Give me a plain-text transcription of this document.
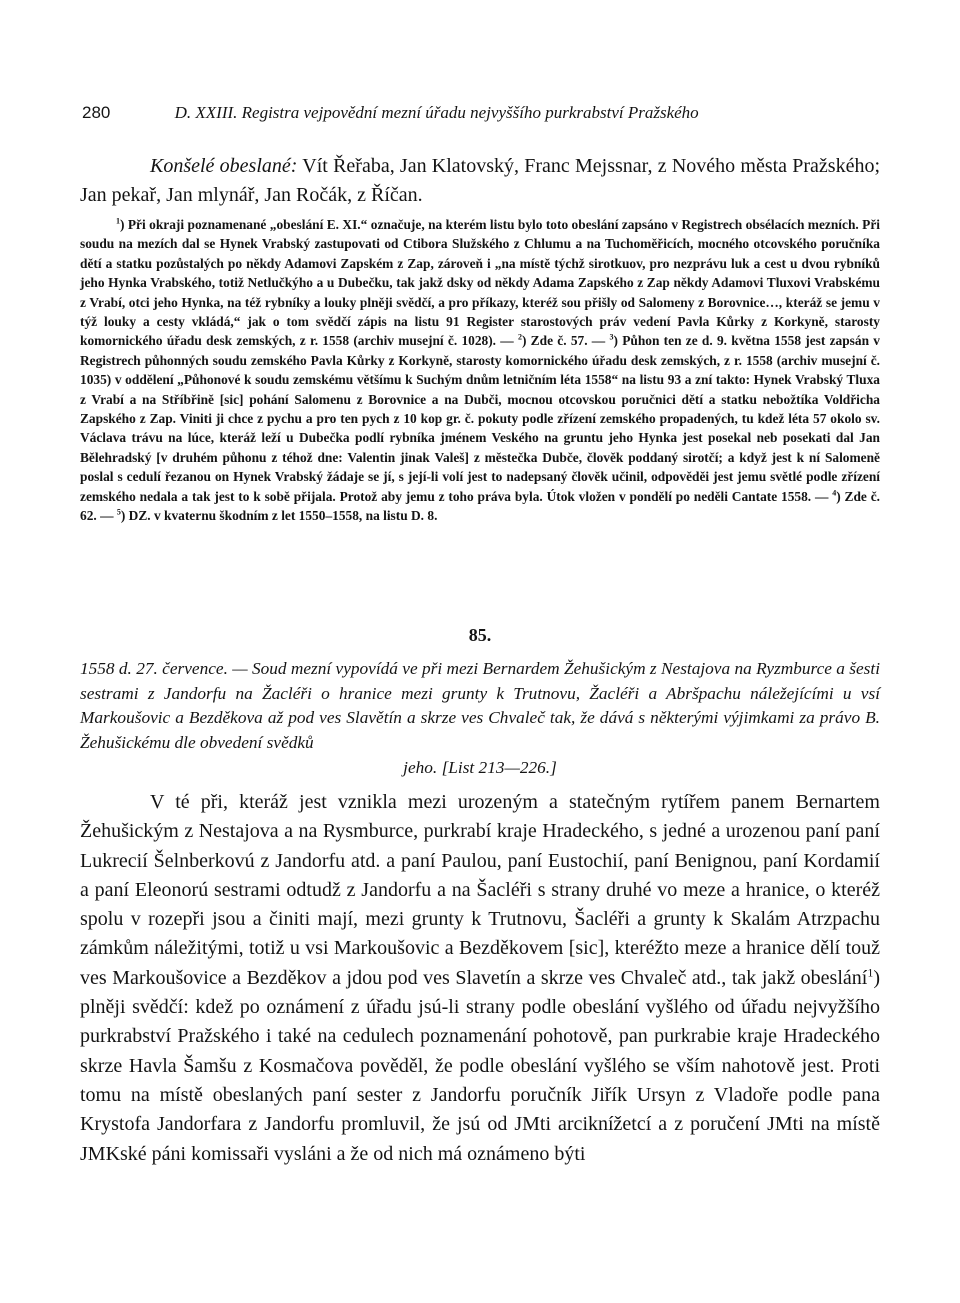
280	D. XXIII. Registra vejpovědní mezní úřadu nejvyššího purkrabství Pražského
Konšelé obeslané: Vít Řeřaba, Jan Klatovský, Franc Mejssnar, z Nového města Pražského; Jan pekař, Jan mlynář, Jan Ročák, z Říčan.

$^1$) Při okraji poznamenané „obeslání E. XI.“ označuje, na kterém listu bylo toto obeslání zapsáno v Registrech obsélacích mezních. Při soudu na mezích dal se Hynek Vrabský zastupovati od Ctibora Služského z Chlumu a na Tuchoměřicích, mocného otcovského poručníka dětí a statku pozůstalých po někdy Adamovi Zapském z Zap, zároveň i „na místě týchž sirotkuov, pro nezprávu luk a cest u dvou rybníků jeho Hynka Vrabského, totiž Netlučkýho a u Dubečku, tak jakž dsky od někdy Adama Zapského z Zap někdy Adamovi Tluxovi Vrabskému z Vrabí, otci jeho Hynka, na též rybníky a louky plněji svědčí, a pro příkazy, kteréž sou přišly od Salomeny z Borovnice…, kteráž se jemu v týž louky a cesty vkládá,“ jak o tom svědčí zápis na listu 91 Register starostových práv vedení Pavla Kůrky z Korkyně, starosty komornického úřadu desk zemských, z r. 1558 (archiv musejní č. 1028). — $^2$) Zde č. 57. — $^3$) Půhon ten ze d. 9. května 1558 jest zapsán v Registrech půhonných soudu zemského Pavla Kůrky z Korkyně, starosty komornického úřadu desk zemských, z r. 1558 (archiv musejní č. 1035) v oddělení „Půhonové k soudu zemskému většímu k Suchým dnům letničním léta 1558“ na listu 93 a zní takto: Hynek Vrabský Tluxa z Vrabí a na Stříbřině [sic] pohání Salomenu z Borovnice a na Dubči, mocnou otcovskou poručnici dětí a statku nebožtíka Voldřicha Zapského z Zap. Viniti ji chce z pychu a pro ten pych z 10 kop gr. č. pokuty podle zřízení zemského propadených, tu kdež léta 57 okolo sv. Václava trávu na lúce, kteráž leží u Dubečka podlí rybníka jménem Veského na gruntu jeho Hynka jest posekal neb posekati dal Jan Bělehradský [v druhém půhonu z téhož dne: Valentin jinak Valeš] z městečka Dubče, člověk poddaný sirotčí; a když jest k ní Salomeně poslal s cedulí řezanou on Hynek Vrabský žádaje se jí, s její-li volí jest to nadepsaný člověk učinil, odpověděi jest jemu světlé podle zřízení zemského nedala a tak jest to k sobě přijala. Protož aby jemu z toho práva byla. Útok vložen v pondělí po neděli Cantate 1558. — $^4$) Zde č. 62. — $^5$) DZ. v kvaternu škodním z let 1550–1558, na listu D. 8.

85.

1558 d. 27. července. — Soud mezní vypovídá ve při mezi Bernardem Žehušickým z Nestajova na Ryzmburce a šesti sestrami z Jandorfu na Žacléři o hranice mezi grunty k Trutnovu, Žacléři a Abršpachu náležejícími u vsí Markoušovic a Bezděkova až pod ves Slavětín a skrze ves Chvaleč tak, že dává s některými výjimkami za právo B. Žehušickému dle obvedení svědků

jeho. [List 213—226.]

V té při, kteráž jest vznikla mezi urozeným a statečným rytířem panem Bernartem Žehušickým z Nestajova a na Rysmburce, purkrabí kraje Hradeckého, s jedné a urozenou paní paní Lukrecií Šelnberkovú z Jandorfu atd. a paní Paulou, paní Eustochií, paní Benignou, paní Kordamií a paní Eleonorú sestrami odtudž z Jandorfu a na Šacléři s strany druhé vo meze a hranice, o kteréž spolu v rozepři jsou a činiti mají, mezi grunty k Trutnovu, Šacléři a grunty k Skalám Atrzpachu zámkům náležitými, totiž u vsi Markoušovic a Bezděkovem [sic], kteréžto meze a hranice dělí touž ves Markoušovice a Bezděkov a jdou pod ves Slavetín a skrze ves Chvaleč atd., tak jakž obeslání$^1$) plněji svědčí: kdež po oznámení z úřadu jsú-li strany podle obeslání vyšlého od úřadu nejvyžšího purkrabství Pražského i také na cedulech poznamenání pohotově, pan purkrabie kraje Hradeckého skrze Havla Šamšu z Kosmačova pověděl, že podle obeslání vyšlého se vším nahotově jest. Proti tomu na místě obeslaných paní sester z Jandorfu poručník Jiřík Ursyn z Vladoře podle pana Krystofa Jandorfara z Jandorfu promluvil, že jsú od JMti arciknížetcí a z poručení JMti na místě JMKské páni komissaři vysláni a že od nich má oznámeno býti
